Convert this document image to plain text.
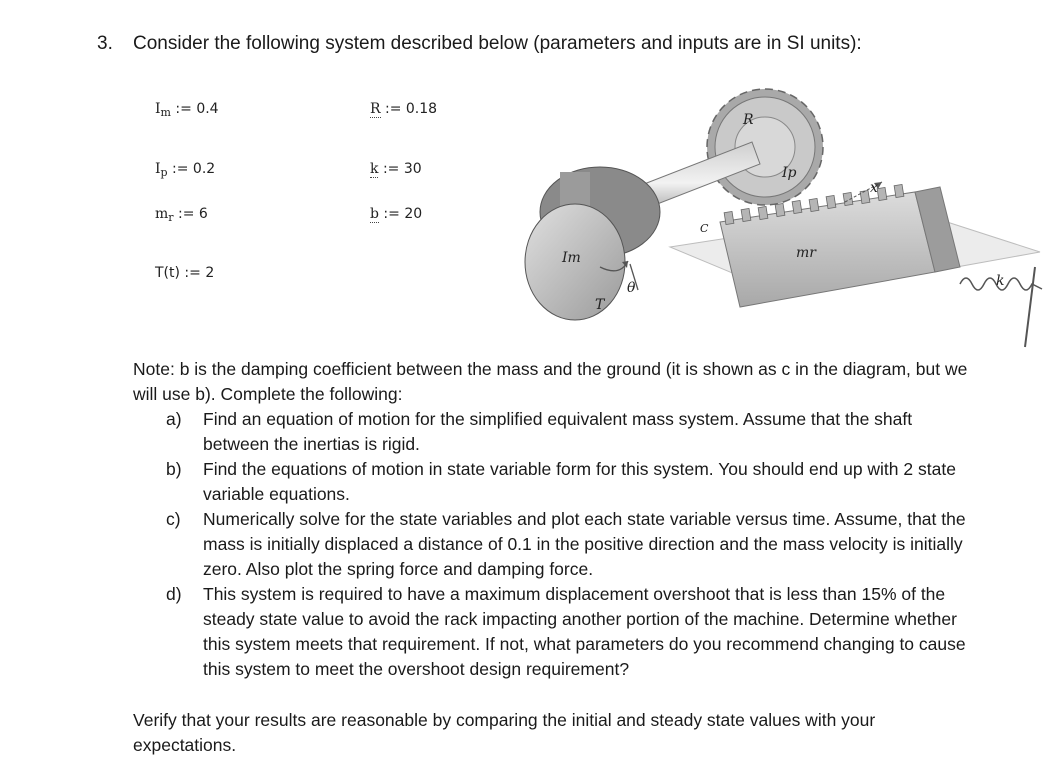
3. Consider the following system described below (parameters and inputs are in SI units):
$I_m$ := 0.4
$I_p$ := 0.2
$m_r$ := 6
T(t) := 2
R := 0.18
k := 30
b := 20
R
Ip
x
C
mr
Im
T
θ	k

Note: b is the damping coefficient between the mass and the ground (it is shown as c in the diagram, but we will use b). Complete the following:

a) Find an equation of motion for the simplified equivalent mass system. Assume that the shaft between the inertias is rigid.
b) Find the equations of motion in state variable form for this system. You should end up with 2 state variable equations.
c) Numerically solve for the state variables and plot each state variable versus time. Assume, that the mass is initially displaced a distance of 0.1 in the positive direction and the mass velocity is initially zero. Also plot the spring force and damping force.
d) This system is required to have a maximum displacement overshoot that is less than 15% of the steady state value to avoid the rack impacting another portion of the machine. Determine whether this system meets that requirement. If not, what parameters do you recommend changing to cause this system to meet the overshoot design requirement?

Verify that your results are reasonable by comparing the initial and steady state values with your expectations.
